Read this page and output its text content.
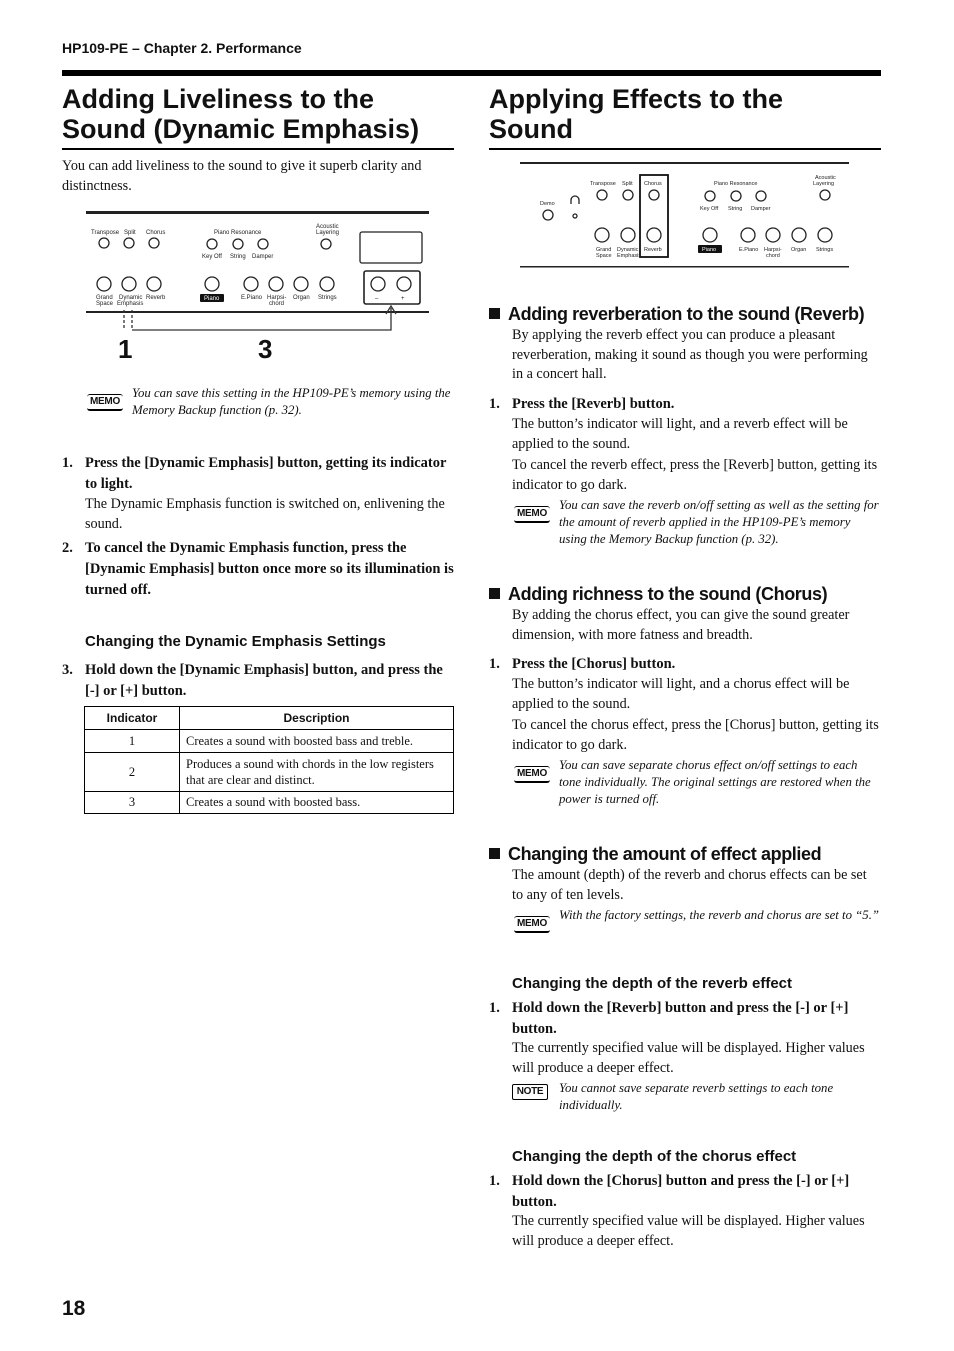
HP109-PE – Chapter 2. Performance
Adding Liveliness to the
Sound (Dynamic Emphasis)

You can add liveliness to the sound to give it superb clarity and distinctness.

Transpose Split Chorus	Piano Resonance
Key Off String Damper
Acoustic
Layering
Piano
Grand
Space
Dynamic
Emphasis
Reverb	E.Piano Harpsi-
chord
Organ Strings	–	+
1	3
MEMO

You can save this setting in the HP109-PE’s memory using the Memory Backup function (p. 32).

1. Press the [Dynamic Emphasis] button, getting its indicator to light.

The Dynamic Emphasis function is switched on, enlivening the sound.

2. To cancel the Dynamic Emphasis function, press the [Dynamic Emphasis] button once more so its illumination is turned off.

Changing the Dynamic Emphasis Settings
3. Hold down the [Dynamic Emphasis] button, and press the [-] or [+] button.

Indicator	Description
1	Creates a sound with boosted bass and treble.
2	Produces a sound with chords in the low registers that are clear and distinct.
3	Creates a sound with boosted bass.
Applying Effects to the
Sound
Demo
Transpose Split Chorus	Piano Resonance
Key Off String Damper
Acoustic
Layering
Grand
Space
Dynamic
Emphasis
Reverb	E.Piano Harpsi-
chord
Organ Strings
Piano
Adding reverberation to the sound (Reverb)

By applying the reverb effect you can produce a pleasant reverberation, making it sound as though you were performing in a concert hall.

1. Press the [Reverb] button.

The button’s indicator will light, and a reverb effect will be applied to the sound.

To cancel the reverb effect, press the [Reverb] button, getting its indicator to go dark.

MEMO

You can save the reverb on/off setting as well as the setting for the amount of reverb applied in the HP109-PE’s memory using the Memory Backup function (p. 32).

Adding richness to the sound (Chorus)

By adding the chorus effect, you can give the sound greater dimension, with more fatness and breadth.

1. Press the [Chorus] button.

The button’s indicator will light, and a chorus effect will be applied to the sound.

To cancel the chorus effect, press the [Chorus] button, getting its indicator to go dark.

MEMO

You can save separate chorus effect on/off settings to each tone individually. The original settings are restored when the power is turned off.

Changing the amount of effect applied

The amount (depth) of the reverb and chorus effects can be set to any of ten levels.

MEMO

With the factory settings, the reverb and chorus are set to “5.”

Changing the depth of the reverb effect
1. Hold down the [Reverb] button and press the [-] or [+] button.

The currently specified value will be displayed. Higher values will produce a deeper effect.

NOTE	You cannot save separate reverb settings to each tone individually.

Changing the depth of the chorus effect
1. Hold down the [Chorus] button and press the [-] or [+] button.

The currently specified value will be displayed. Higher values will produce a deeper effect.

18
